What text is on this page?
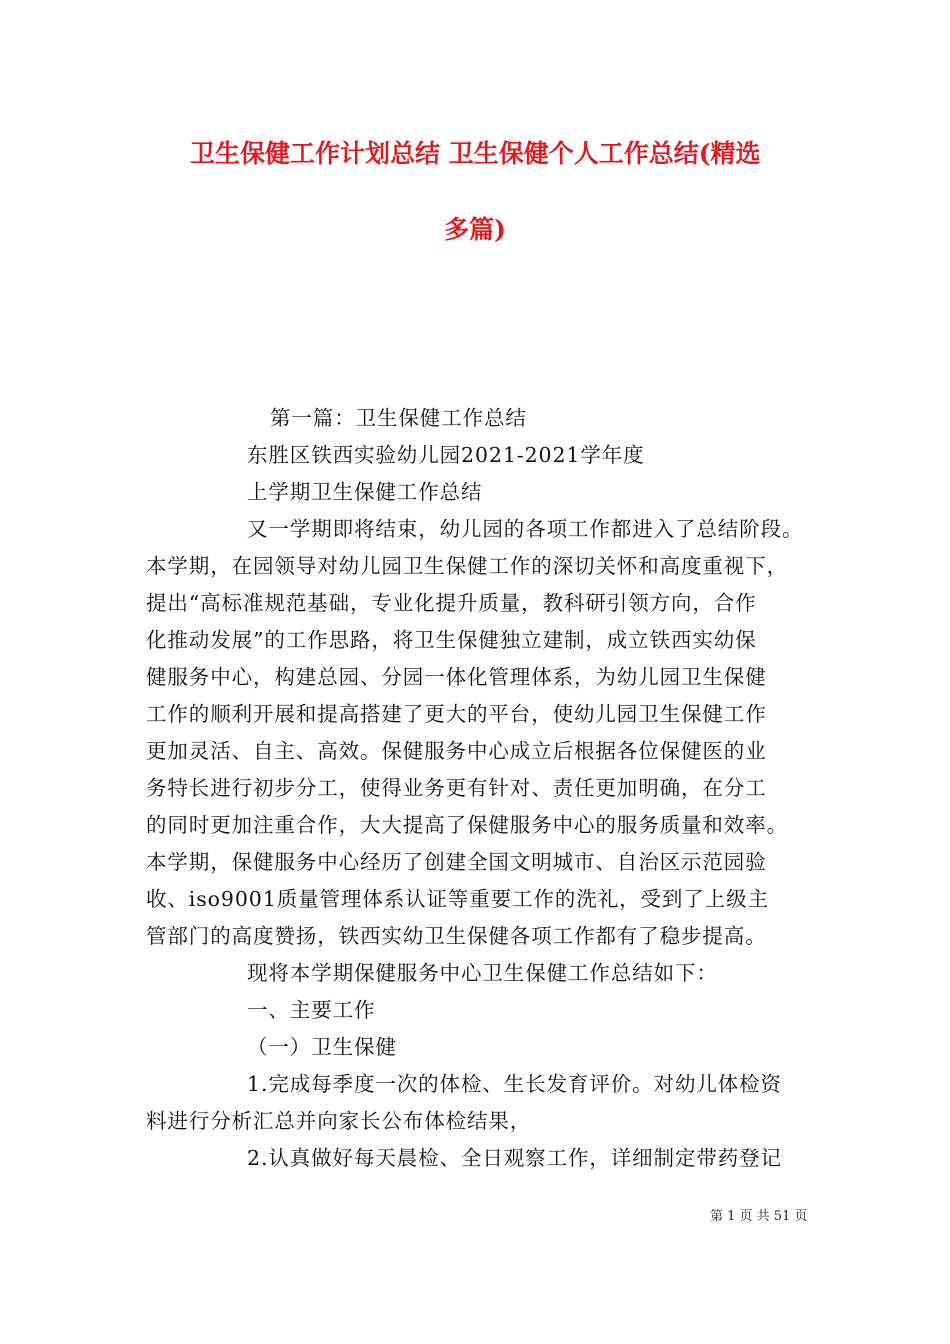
卫生保健工作计划总结 卫生保健个人工作总结(精选
多篇)
第一篇：卫生保健工作总结
东胜区铁西实验幼儿园2021-2021学年度
上学期卫生保健工作总结
又一学期即将结束，幼儿园的各项工作都进入了总结阶段。
本学期，在园领导对幼儿园卫生保健工作的深切关怀和高度重视下，
提出“高标准规范基础，专业化提升质量，教科研引领方向，合作
化推动发展”的工作思路，将卫生保健独立建制，成立铁西实幼保
健服务中心，构建总园、分园一体化管理体系，为幼儿园卫生保健
工作的顺利开展和提高搭建了更大的平台，使幼儿园卫生保健工作
更加灵活、自主、高效。保健服务中心成立后根据各位保健医的业
务特长进行初步分工，使得业务更有针对、责任更加明确，在分工
的同时更加注重合作，大大提高了保健服务中心的服务质量和效率。
本学期，保健服务中心经历了创建全国文明城市、自治区示范园验
收、iso9001质量管理体系认证等重要工作的洗礼，受到了上级主
管部门的高度赞扬，铁西实幼卫生保健各项工作都有了稳步提高。
现将本学期保健服务中心卫生保健工作总结如下：
一、主要工作
（一）卫生保健
1.完成每季度一次的体检、生长发育评价。对幼儿体检资
料进行分析汇总并向家长公布体检结果，
2.认真做好每天晨检、全日观察工作，详细制定带药登记
第 1 页 共 51 页
